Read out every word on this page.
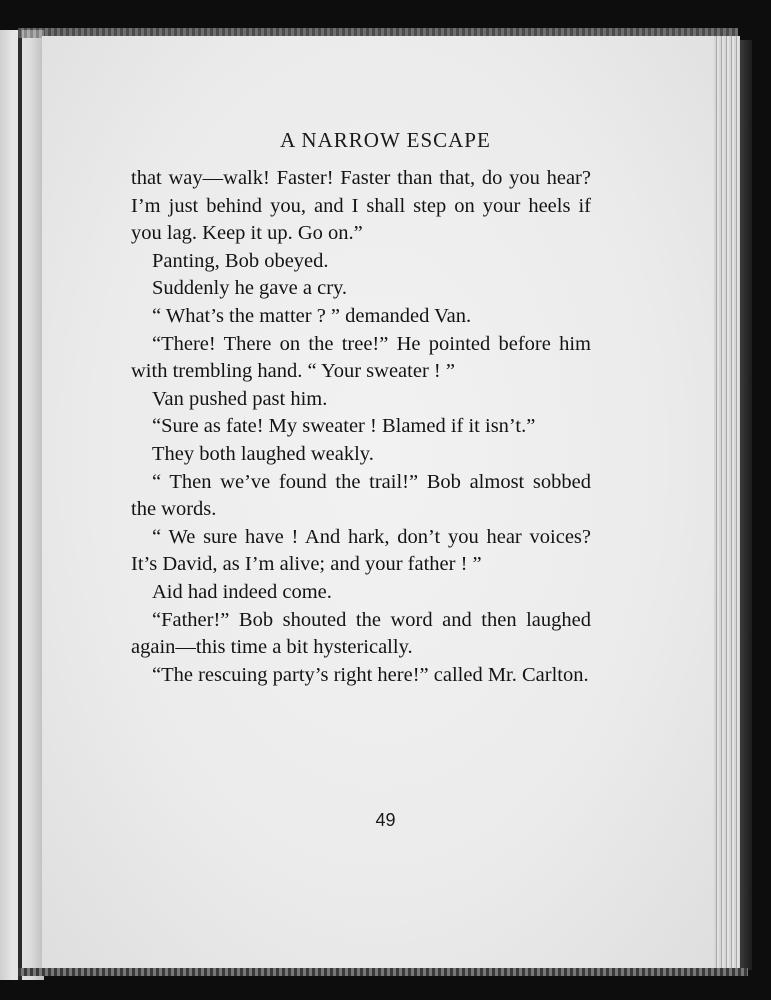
A NARROW ESCAPE

that way—walk! Faster! Faster than that, do you hear? I’m just behind you, and I shall step on your heels if you lag. Keep it up. Go on.”

Panting, Bob obeyed.

Suddenly he gave a cry.

“ What’s the matter ? ” demanded Van.

“There! There on the tree!” He pointed before him with trembling hand. “ Your sweater ! ”

Van pushed past him.

“Sure as fate! My sweater ! Blamed if it isn’t.”

They both laughed weakly.

“ Then we’ve found the trail!” Bob almost sobbed the words.

“ We sure have ! And hark, don’t you hear voices? It’s David, as I’m alive; and your father ! ”

Aid had indeed come.

“Father!” Bob shouted the word and then laughed again—this time a bit hysterically.

“The rescuing party’s right here!” called Mr. Carlton.

49
